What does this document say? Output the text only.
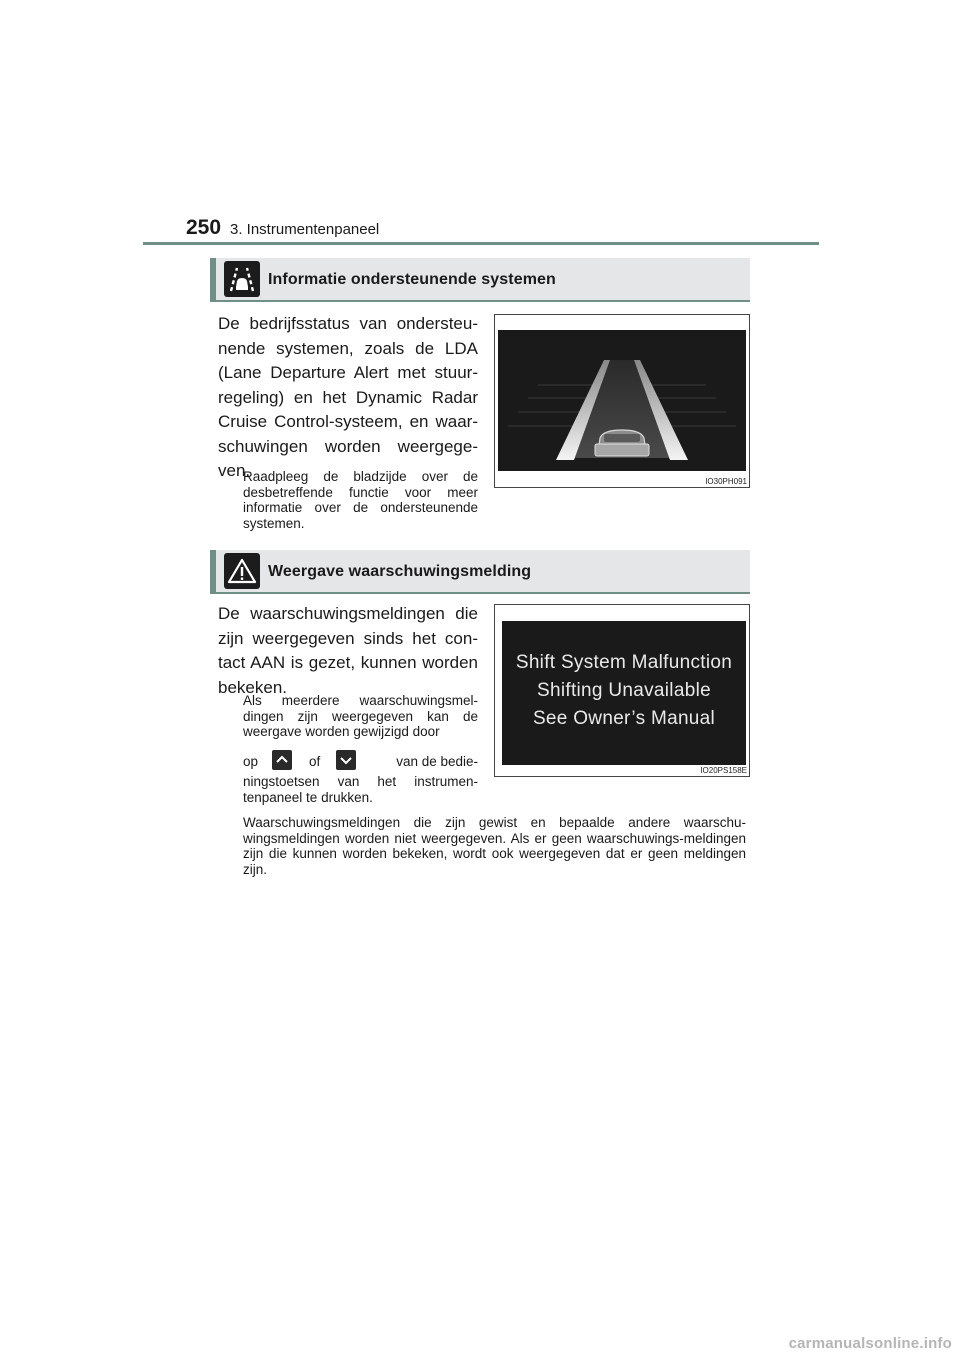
250 3. Instrumentenpaneel
Informatie ondersteunende systemen
De bedrijfsstatus van ondersteu-nende systemen, zoals de LDA (Lane Departure Alert met stuur-regeling) en het Dynamic Radar Cruise Control-systeem, en waar-schuwingen worden weergege-ven.
Raadpleeg de bladzijde over de desbetreffende functie voor meer informatie over de ondersteunende systemen.
IO30PH091
Weergave waarschuwingsmelding
De waarschuwingsmeldingen die zijn weergegeven sinds het con-tact AAN is gezet, kunnen worden bekeken.
Als meerdere waarschuwingsmel-dingen zijn weergegeven kan de weergave worden gewijzigd door
op	of	van de bedie-
ningstoetsen van het instrumen-tenpaneel te drukken.
Shift System Malfunction
Shifting Unavailable
See Owner’s Manual
IO20PS158E
Waarschuwingsmeldingen die zijn gewist en bepaalde andere waarschu-wingsmeldingen worden niet weergegeven. Als er geen waarschuwings-meldingen zijn die kunnen worden bekeken, wordt ook weergegeven dat er geen meldingen zijn.
carmanualsonline.info
